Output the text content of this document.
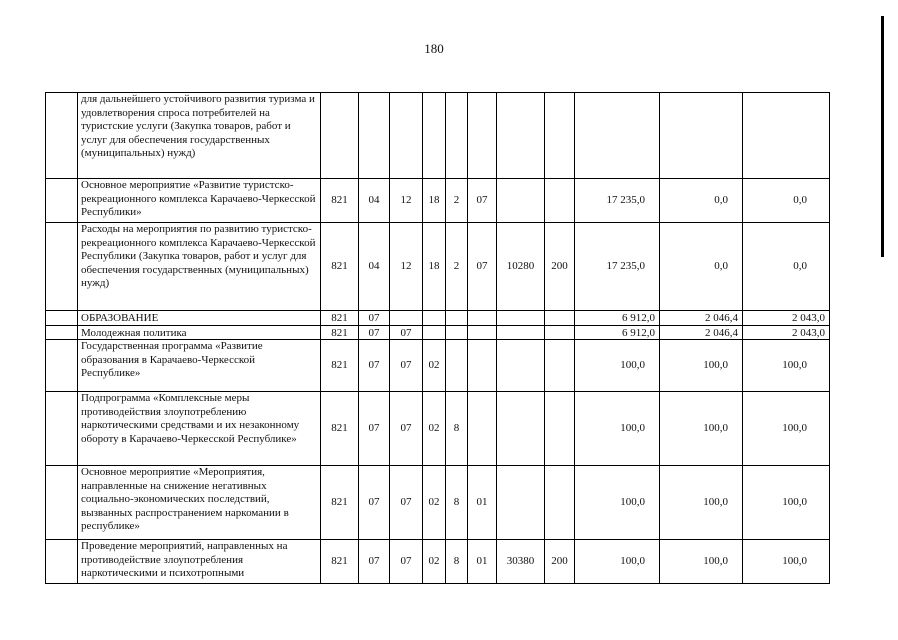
180
	для дальнейшего устойчивого развития туризма и удовлетворения спроса потребителей на туристские услуги (Закупка товаров, работ и услуг для обеспечения государственных (муниципальных) нужд)											
	Основное мероприятие «Развитие туристско-рекреационного комплекса Карачаево-Черкесской Республики»	821	04	12	18	2	07			17 235,0	0,0	0,0
	Расходы на мероприятия по развитию туристско-рекреационного комплекса Карачаево-Черкесской Республики (Закупка товаров, работ и услуг для обеспечения государственных (муниципальных) нужд)	821	04	12	18	2	07	10280	200	17 235,0	0,0	0,0
	ОБРАЗОВАНИЕ	821	07							6 912,0	2 046,4	2 043,0
	Молодежная политика	821	07	07						6 912,0	2 046,4	2 043,0
	Государственная программа «Развитие образования в Карачаево-Черкесской Республике»	821	07	07	02					100,0	100,0	100,0
	Подпрограмма «Комплексные меры противодействия злоупотреблению наркотическими средствами и их незаконному обороту в Карачаево-Черкесской Республике»	821	07	07	02	8				100,0	100,0	100,0
	Основное мероприятие «Мероприятия, направленные на снижение негативных социально-экономических последствий, вызванных распространением наркомании в республике»	821	07	07	02	8	01			100,0	100,0	100,0
	Проведение мероприятий, направленных на противодействие злоупотребления наркотическими и психотропными	821	07	07	02	8	01	30380	200	100,0	100,0	100,0
